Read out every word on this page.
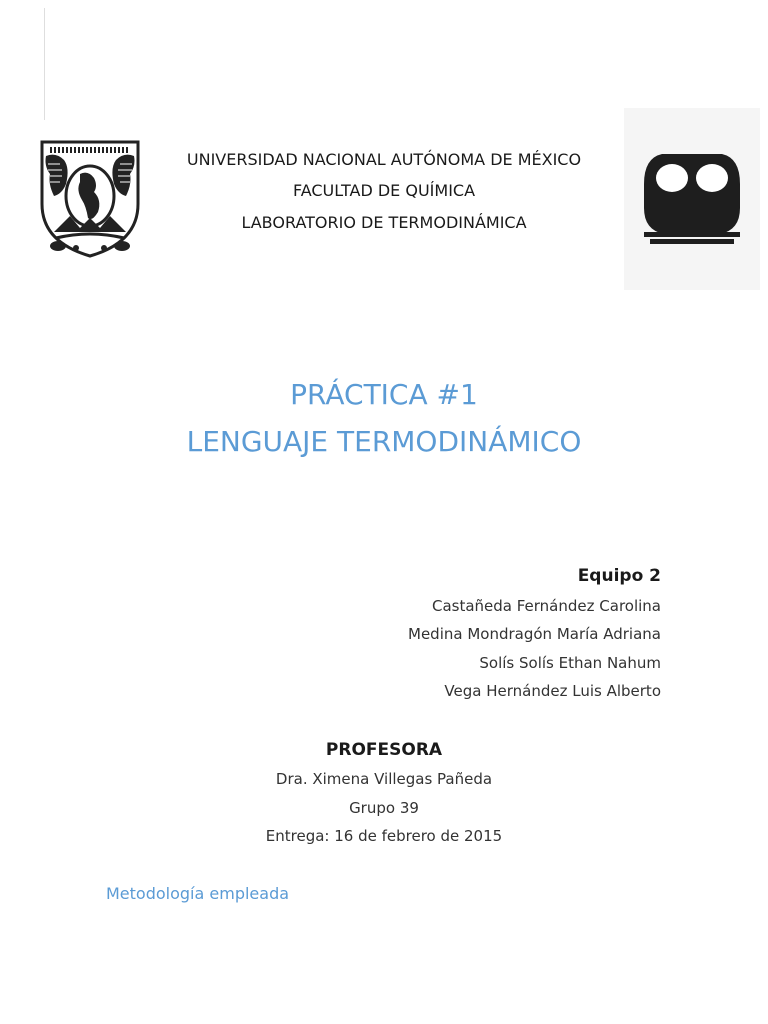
UNIVERSIDAD NACIONAL AUTÓNOMA DE MÉXICO
FACULTAD DE QUÍMICA
LABORATORIO DE TERMODINÁMICA
PRÁCTICA #1
LENGUAJE TERMODINÁMICO
Equipo 2
Castañeda Fernández Carolina
Medina Mondragón María Adriana
Solís Solís Ethan Nahum
Vega Hernández Luis Alberto
PROFESORA
Dra. Ximena Villegas Pañeda
Grupo 39
Entrega: 16 de febrero de 2015
Metodología empleada
